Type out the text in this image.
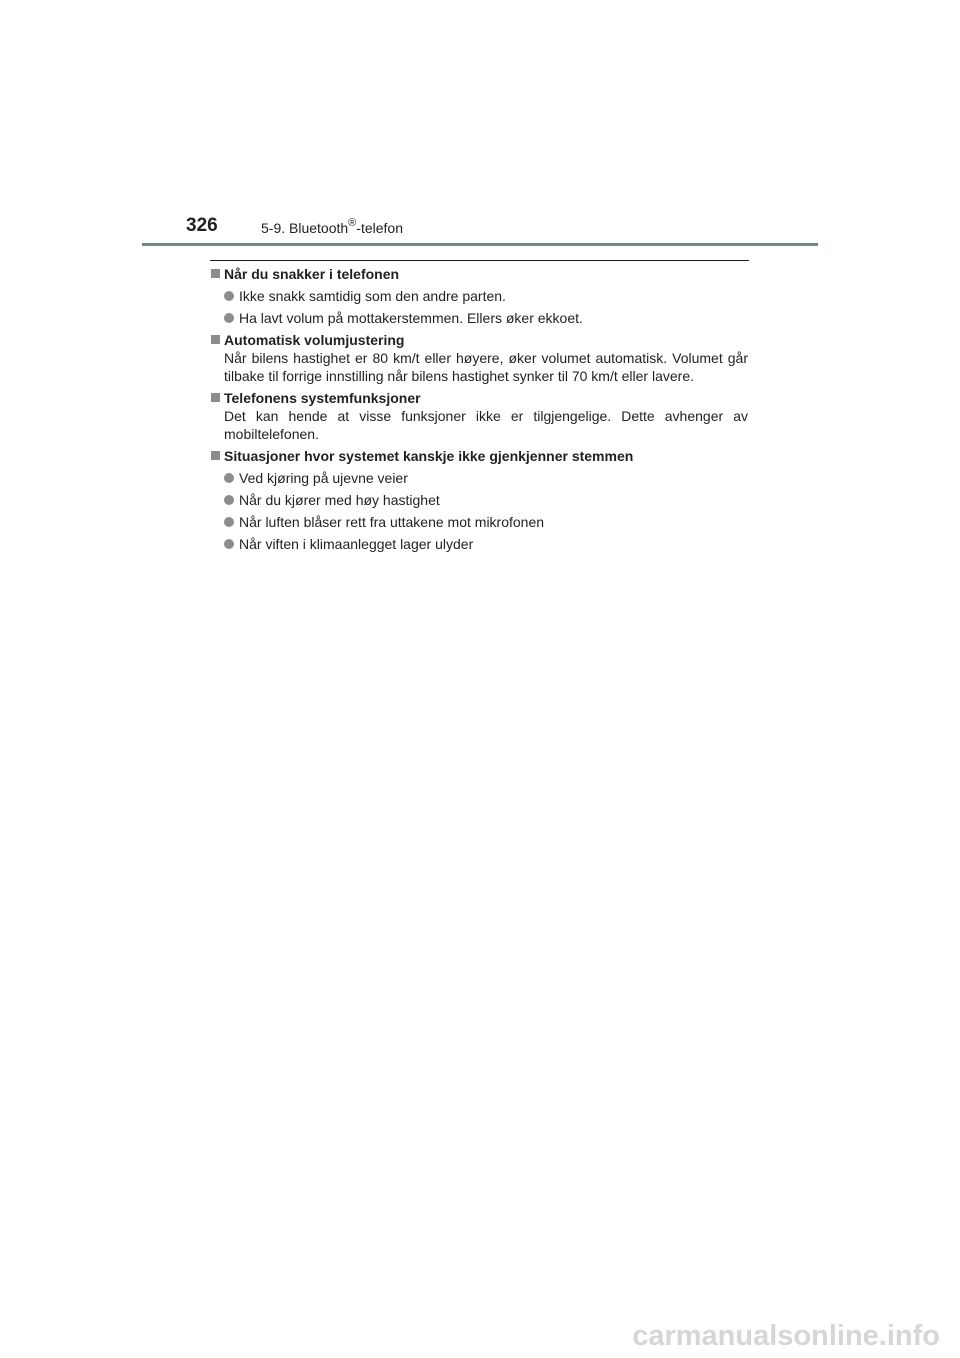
326	5-9. Bluetooth®-telefon
Når du snakker i telefonen
Ikke snakk samtidig som den andre parten.
Ha lavt volum på mottakerstemmen. Ellers øker ekkoet.
Automatisk volumjustering
Når bilens hastighet er 80 km/t eller høyere, øker volumet automatisk. Volumet går tilbake til forrige innstilling når bilens hastighet synker til 70 km/t eller lavere.
Telefonens systemfunksjoner
Det kan hende at visse funksjoner ikke er tilgjengelige. Dette avhenger av mobiltelefonen.
Situasjoner hvor systemet kanskje ikke gjenkjenner stemmen
Ved kjøring på ujevne veier
Når du kjører med høy hastighet
Når luften blåser rett fra uttakene mot mikrofonen
Når viften i klimaanlegget lager ulyder
carmanualsonline.info
